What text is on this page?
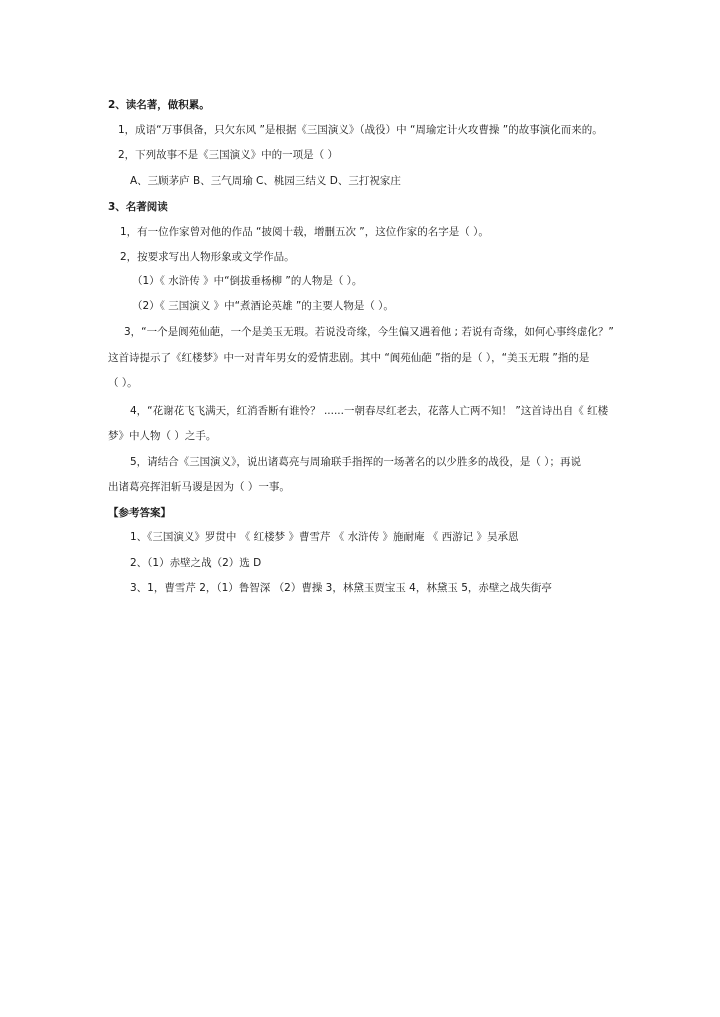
2、读名著，做积累。
1，成语“万事俱备，只欠东风 ”是根据《三国演义》（战役）中 “周瑜定计火攻曹操 ”的故事演化而来的。
2，下列故事不是《三国演义》中的一项是（ ）
A、三顾茅庐 B、三气周瑜 C、桃园三结义 D、三打祝家庄
3、名著阅读
1，有一位作家曾对他的作品 “披阅十载，增删五次 ”，这位作家的名字是（ ）。
2，按要求写出人物形象或文学作品。
（1）《 水浒传 》中“倒拔垂杨柳 ”的人物是（ ）。
（2）《 三国演义 》中“煮酒论英雄 ”的主要人物是（ ）。
3，“一个是阆苑仙葩，一个是美玉无瑕。若说没奇缘，今生偏又遇着他 ; 若说有奇缘，如何心事终虚化？”
这首诗提示了《红楼梦》中一对青年男女的爱情悲剧。其中 “阆苑仙葩 ”指的是（ ），“美玉无瑕 ”指的是
（ ）。
4，“花谢花飞飞满天，红消香断有谁怜？ ......一朝春尽红老去，花落人亡两不知！ ”这首诗出自《 红楼
梦》中人物（ ）之手。
5，请结合《三国演义》，说出诸葛亮与周瑜联手指挥的一场著名的以少胜多的战役，是（ ）；再说
出诸葛亮挥泪斩马谡是因为（ ）一事。
【参考答案】
1、《三国演义》罗贯中 《 红楼梦 》曹雪芹 《 水浒传 》施耐庵 《 西游记 》吴承恩
2、（1）赤壁之战（2）选 D
3、1，曹雪芹 2，（1）鲁智深 （2）曹操 3，林黛玉贾宝玉 4，林黛玉 5，赤壁之战失街亭
